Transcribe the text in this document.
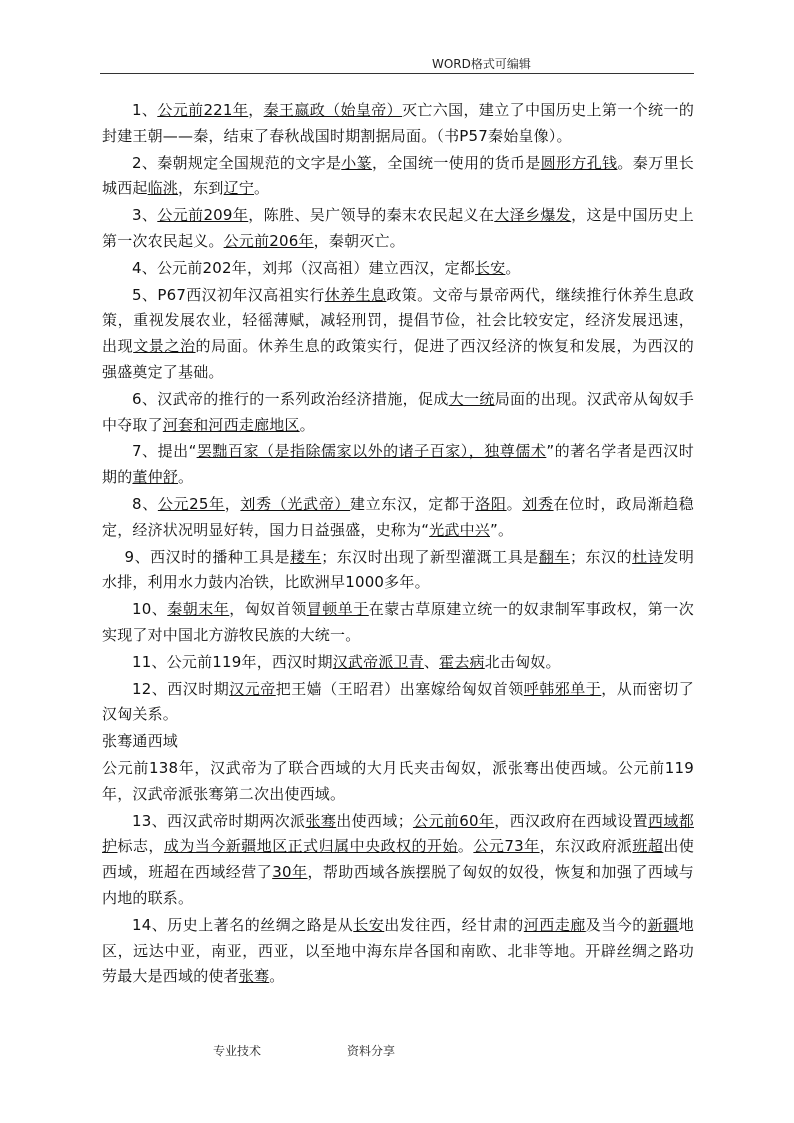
WORD格式可编辑

1、公元前221年，秦王嬴政（始皇帝）灭亡六国，建立了中国历史上第一个统一的封建王朝——秦，结束了春秋战国时期割据局面。（书P57秦始皇像）。

2、秦朝规定全国规范的文字是小篆，全国统一使用的货币是圆形方孔钱。秦万里长城西起临洮，东到辽宁。

3、公元前209年，陈胜、吴广领导的秦末农民起义在大泽乡爆发，这是中国历史上第一次农民起义。公元前206年，秦朝灭亡。

4、公元前202年，刘邦（汉高祖）建立西汉，定都长安。

5、P67西汉初年汉高祖实行休养生息政策。文帝与景帝两代，继续推行休养生息政策，重视发展农业，轻徭薄赋，减轻刑罚，提倡节俭，社会比较安定，经济发展迅速，出现文景之治的局面。休养生息的政策实行，促进了西汉经济的恢复和发展，为西汉的强盛奠定了基础。

6、汉武帝的推行的一系列政治经济措施，促成大一统局面的出现。汉武帝从匈奴手中夺取了河套和河西走廊地区。

7、提出“罢黜百家（是指除儒家以外的诸子百家），独尊儒术”的著名学者是西汉时期的董仲舒。

8、公元25年，刘秀（光武帝）建立东汉，定都于洛阳。刘秀在位时，政局渐趋稳定，经济状况明显好转，国力日益强盛，史称为“光武中兴”。

9、西汉时的播种工具是耧车；东汉时出现了新型灌溉工具是翻车；东汉的杜诗发明水排，利用水力鼓内冶铁，比欧洲早1000多年。

10、秦朝末年，匈奴首领冒顿单于在蒙古草原建立统一的奴隶制军事政权，第一次实现了对中国北方游牧民族的大统一。

11、公元前119年，西汉时期汉武帝派卫青、霍去病北击匈奴。

12、西汉时期汉元帝把王嫱（王昭君）出塞嫁给匈奴首领呼韩邪单于，从而密切了汉匈关系。

张骞通西域

公元前138年，汉武帝为了联合西域的大月氏夹击匈奴，派张骞出使西域。公元前119年，汉武帝派张骞第二次出使西域。

13、西汉武帝时期两次派张骞出使西域；公元前60年，西汉政府在西域设置西域都护标志，成为当今新疆地区正式归属中央政权的开始。公元73年，东汉政府派班超出使西域，班超在西域经营了30年，帮助西域各族摆脱了匈奴的奴役，恢复和加强了西域与内地的联系。

14、历史上著名的丝绸之路是从长安出发往西，经甘肃的河西走廊及当今的新疆地区，远达中亚，南亚，西亚，以至地中海东岸各国和南欧、北非等地。开辟丝绸之路功劳最大是西域的使者张骞。

专业技术	资料分享
